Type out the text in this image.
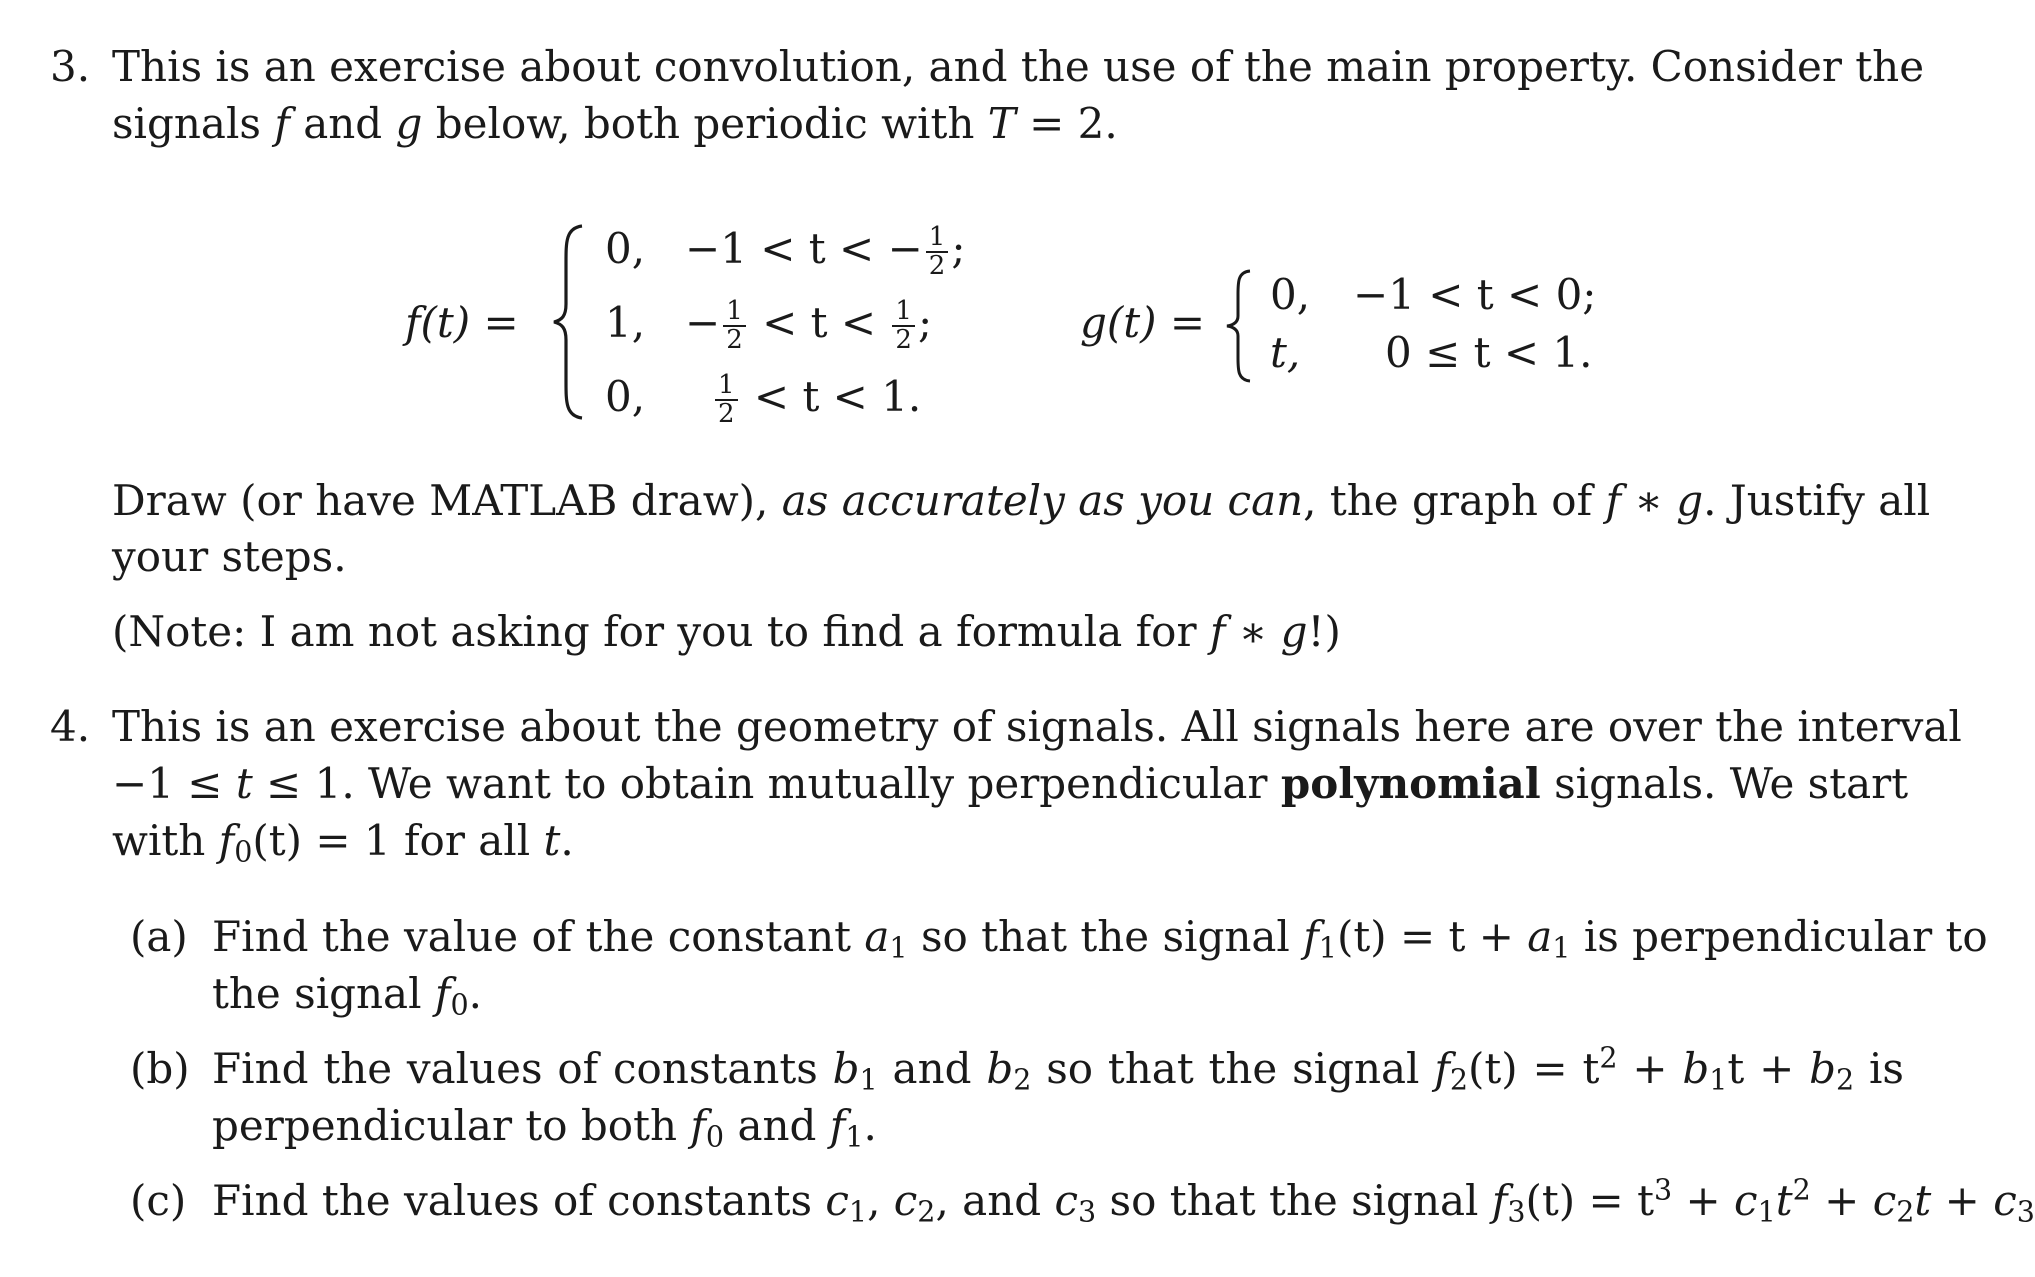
3. This is an exercise about convolution, and the use of the main property. Consider the
signals f and g below, both periodic with T = 2.
f(t) =
0, −1 < t < − $\frac{1}{2}$ ;
1, − $\frac{1}{2} < t < \frac{1}{2}$ ;
0,	$\frac{1}{2} < t < 1$.
g(t) =
0, −1 < t < 0;
t, 0 ≤ t < 1.
Draw (or have MATLAB draw), as accurately as you can, the graph of f ∗ g. Justify all
your steps.
(Note: I am not asking for you to find a formula for f ∗ g!)
4. This is an exercise about the geometry of signals. All signals here are over the interval
−1 ≤ t ≤ 1. We want to obtain mutually perpendicular polynomial signals. We start
with $f_0(t) = 1$ for all t.
(a) Find the value of the constant $a_1$ so that the signal $f_1(t) = t + a_1$ is perpendicular to
the signal $f_0$.
(b) Find the values of constants $b_1$ and $b_2$ so that the signal $f_2(t) = t^2 + b_1t + b_2$ is
perpendicular to both $f_0$ and $f_1$.
(c) Find the values of constants $c_1$, $c_2$, and $c_3$ so that the signal $f_3(t) = t^3 + c_1t^2 + c_2t + c_3$
